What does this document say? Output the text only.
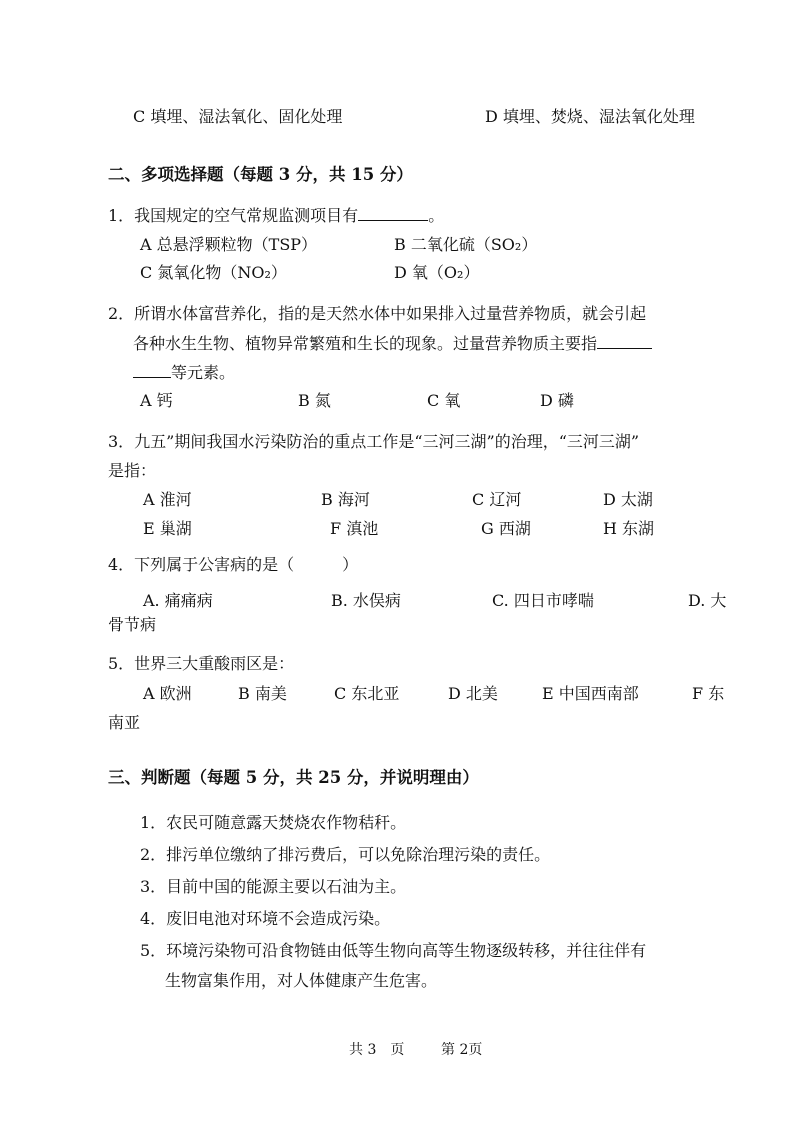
C 填埋、湿法氧化、固化处理	D 填埋、焚烧、湿法氧化处理
二、多项选择题（每题 3 分，共 15 分）
1．我国规定的空气常规监测项目有	。
A 总悬浮颗粒物（TSP）	B 二氧化硫（SO₂）
C 氮氧化物（NO₂）	D 氧（O₂）
2．所谓水体富营养化，指的是天然水体中如果排入过量营养物质，就会引起
各种水生生物、植物异常繁殖和生长的现象。过量营养物质主要指
等元素。
A 钙	B 氮	C 氧	D 磷
3．九五”期间我国水污染防治的重点工作是“三河三湖”的治理，“三河三湖”
是指：
A 淮河	B 海河	C 辽河	D 太湖
E 巢湖	F 滇池	G 西湖	H 东湖
4．下列属于公害病的是（　　　）
A. 痛痛病	B. 水俣病	C. 四日市哮喘	D. 大
骨节病
5．世界三大重酸雨区是：
A 欧洲	B 南美	C 东北亚	D 北美	E 中国西南部	F 东
南亚
三、判断题（每题 5 分，共 25 分，并说明理由）
1．农民可随意露天焚烧农作物秸秆。
2．排污单位缴纳了排污费后，可以免除治理污染的责任。
3．目前中国的能源主要以石油为主。
4．废旧电池对环境不会造成污染。
5．环境污染物可沿食物链由低等生物向高等生物逐级转移，并往往伴有
生物富集作用，对人体健康产生危害。
共 3　页	第 2页
